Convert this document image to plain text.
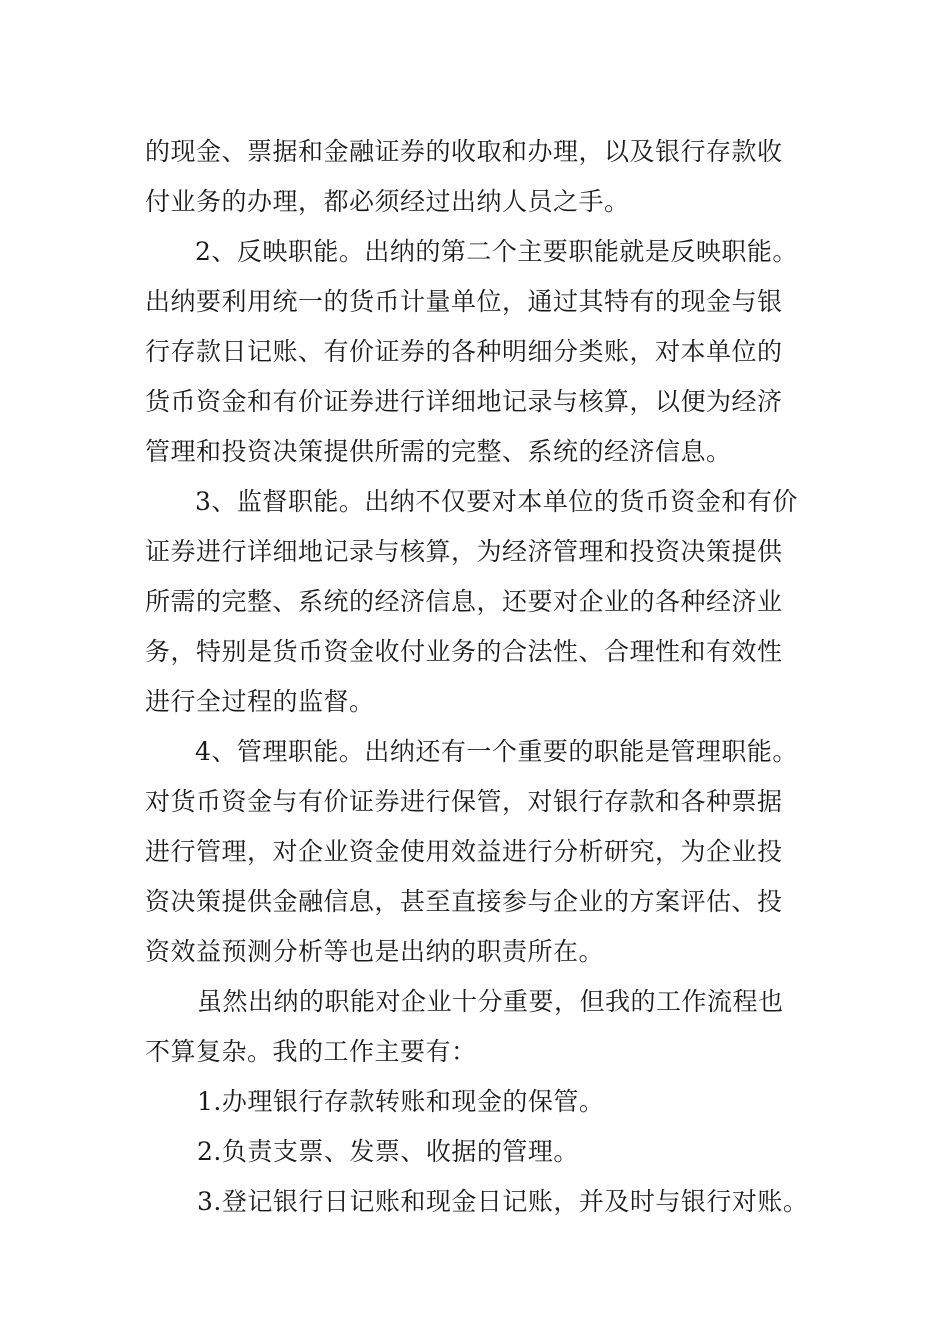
的现金、票据和金融证券的收取和办理，以及银行存款收
付业务的办理，都必须经过出纳人员之手。
2、反映职能。出纳的第二个主要职能就是反映职能。
出纳要利用统一的货币计量单位，通过其特有的现金与银
行存款日记账、有价证券的各种明细分类账，对本单位的
货币资金和有价证券进行详细地记录与核算，以便为经济
管理和投资决策提供所需的完整、系统的经济信息。
3、监督职能。出纳不仅要对本单位的货币资金和有价
证券进行详细地记录与核算，为经济管理和投资决策提供
所需的完整、系统的经济信息，还要对企业的各种经济业
务，特别是货币资金收付业务的合法性、合理性和有效性
进行全过程的监督。
4、管理职能。出纳还有一个重要的职能是管理职能。
对货币资金与有价证券进行保管，对银行存款和各种票据
进行管理，对企业资金使用效益进行分析研究，为企业投
资决策提供金融信息，甚至直接参与企业的方案评估、投
资效益预测分析等也是出纳的职责所在。
虽然出纳的职能对企业十分重要，但我的工作流程也
不算复杂。我的工作主要有：
1.办理银行存款转账和现金的保管。
2.负责支票、发票、收据的管理。
3.登记银行日记账和现金日记账，并及时与银行对账。
